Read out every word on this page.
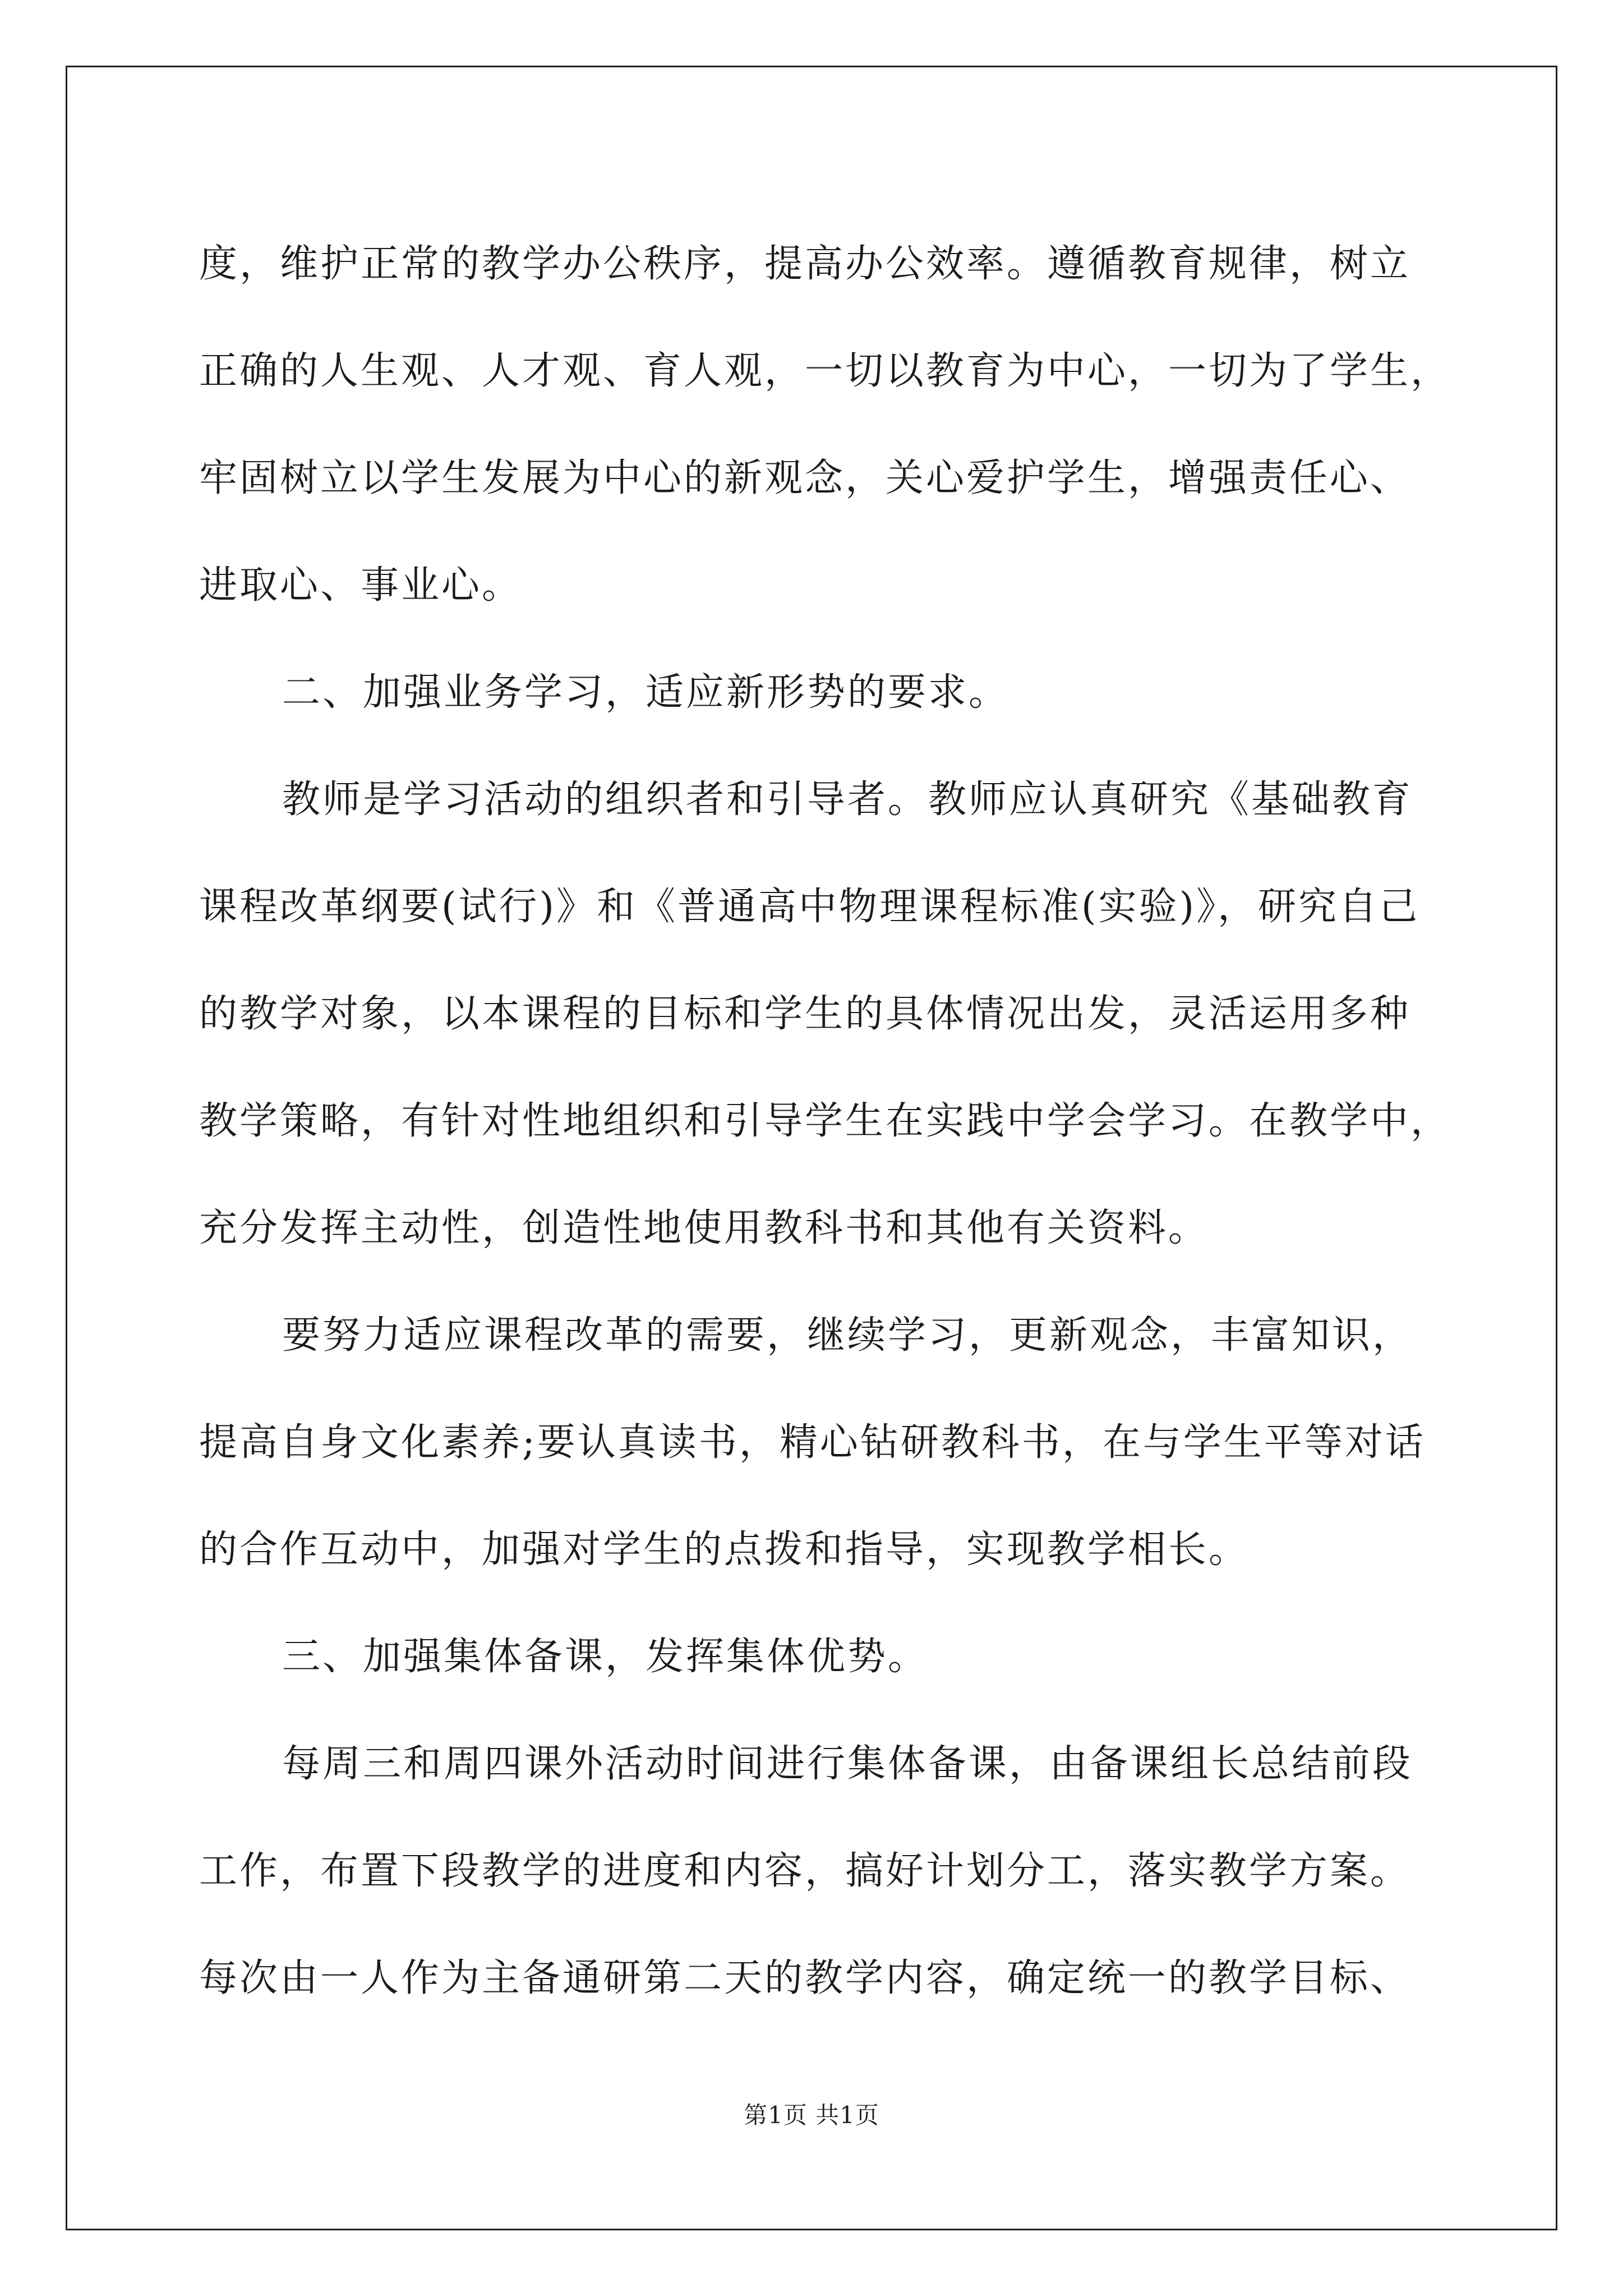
度，维护正常的教学办公秩序，提高办公效率。遵循教育规律，树立
正确的人生观、人才观、育人观，一切以教育为中心，一切为了学生，
牢固树立以学生发展为中心的新观念，关心爱护学生，增强责任心、
进取心、事业心。
二、加强业务学习，适应新形势的要求。
教师是学习活动的组织者和引导者。教师应认真研究《基础教育
课程改革纲要(试行)》和《普通高中物理课程标准(实验)》，研究自己
的教学对象，以本课程的目标和学生的具体情况出发，灵活运用多种
教学策略，有针对性地组织和引导学生在实践中学会学习。在教学中，
充分发挥主动性，创造性地使用教科书和其他有关资料。
要努力适应课程改革的需要，继续学习，更新观念，丰富知识，
提高自身文化素养;要认真读书，精心钻研教科书，在与学生平等对话
的合作互动中，加强对学生的点拨和指导，实现教学相长。
三、加强集体备课，发挥集体优势。
每周三和周四课外活动时间进行集体备课，由备课组长总结前段
工作，布置下段教学的进度和内容，搞好计划分工，落实教学方案。
每次由一人作为主备通研第二天的教学内容，确定统一的教学目标、
第1页 共1页
